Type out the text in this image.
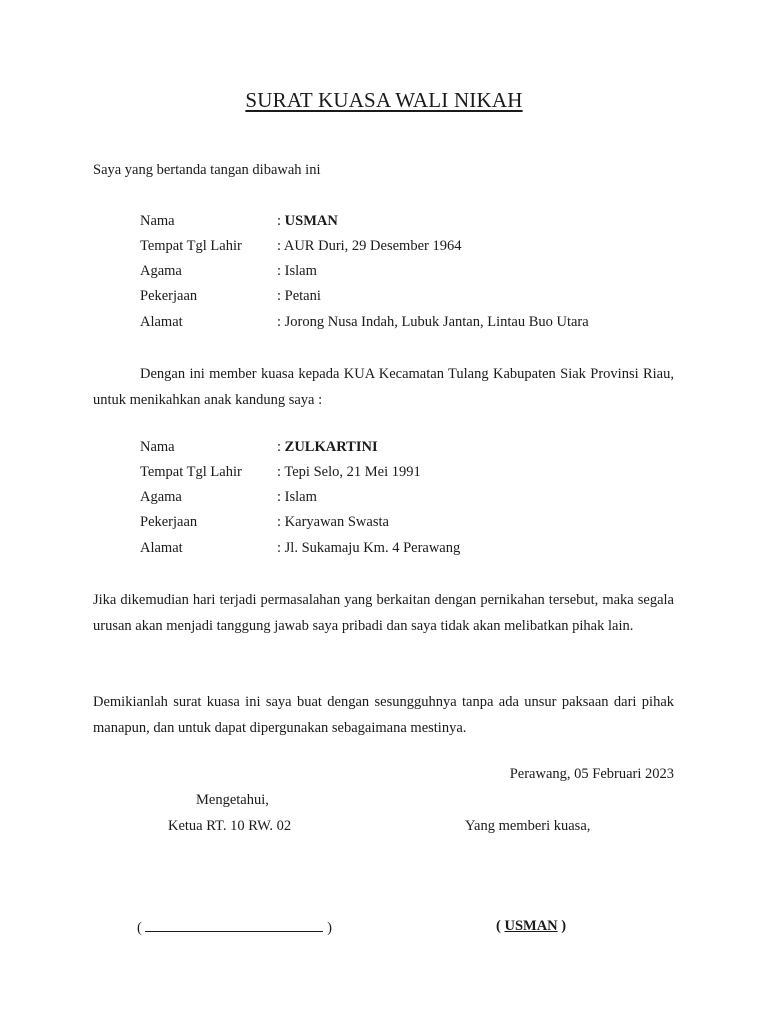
SURAT KUASA WALI NIKAH
Saya yang bertanda tangan dibawah ini
Nama	: USMAN
Tempat Tgl Lahir : AUR Duri, 29 Desember 1964
Agama	: Islam
Pekerjaan	: Petani
Alamat	: Jorong Nusa Indah, Lubuk Jantan, Lintau Buo Utara
Dengan ini member kuasa kepada KUA Kecamatan Tulang Kabupaten Siak Provinsi Riau, untuk menikahkan anak kandung saya :
Nama	: ZULKARTINI
Tempat Tgl Lahir : Tepi Selo, 21 Mei 1991
Agama	: Islam
Pekerjaan	: Karyawan Swasta
Alamat	: Jl. Sukamaju Km. 4 Perawang
Jika dikemudian hari terjadi permasalahan yang berkaitan dengan pernikahan tersebut, maka segala urusan akan menjadi tanggung jawab saya pribadi dan saya tidak akan melibatkan pihak lain.
Demikianlah surat kuasa ini saya buat dengan sesungguhnya tanpa ada unsur paksaan dari pihak manapun, dan untuk dapat dipergunakan sebagaimana mestinya.
Perawang, 05 Februari 2023
Mengetahui,
Ketua RT. 10 RW. 02	Yang memberi kuasa,
(	)	( USMAN )
